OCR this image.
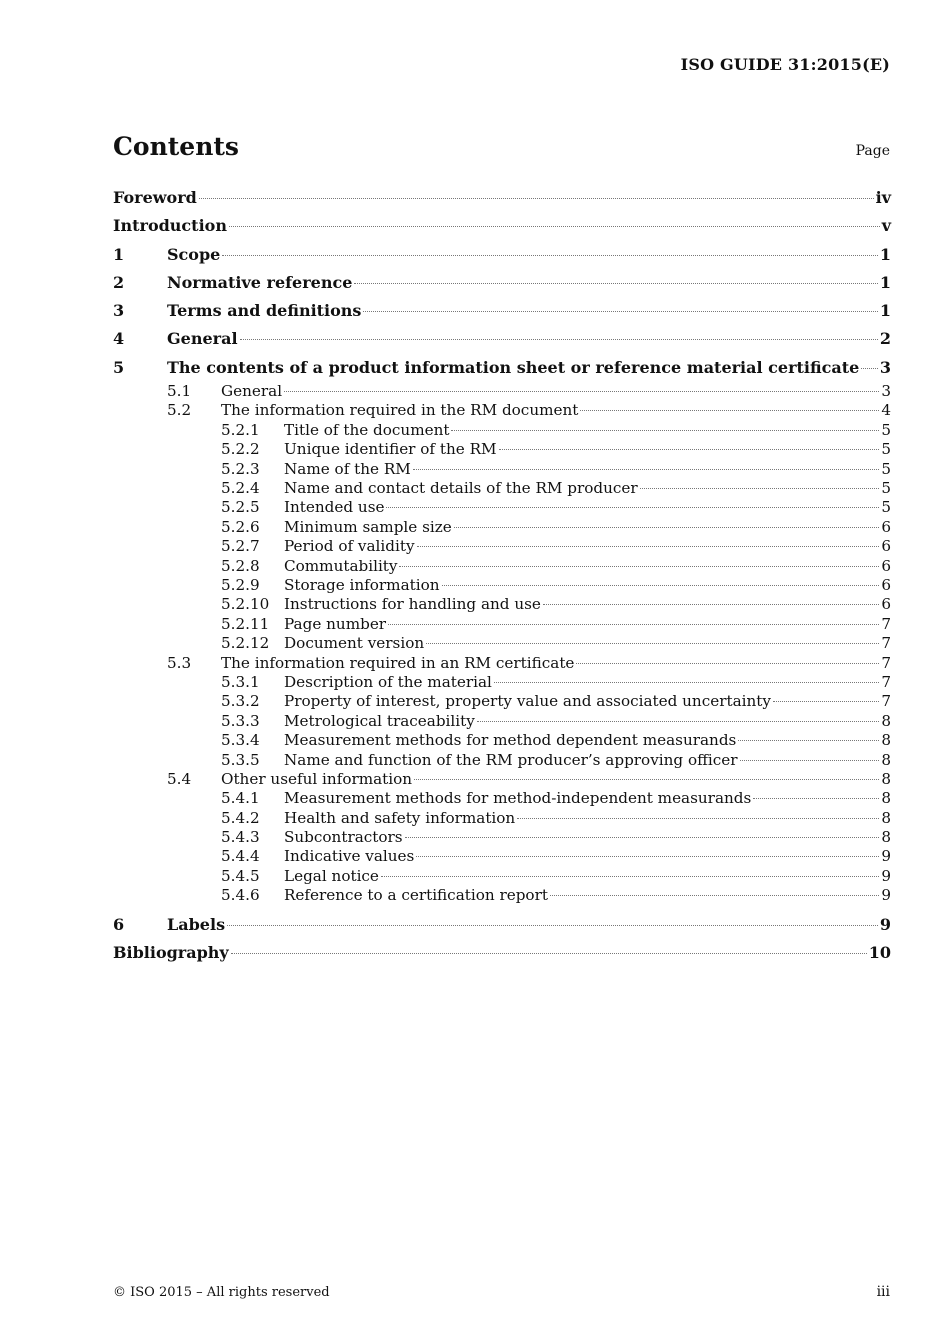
ISO GUIDE 31:2015(E)
Contents	Page
Foreword	iv
Introduction	v
1	Scope	1
2	Normative reference	1
3	Terms and definitions	1
4	General	2
5	The contents of a product information sheet or reference material certificate 3
5.1	General	3
5.2	The information required in the RM document	4
5.2.1	Title of the document	5
5.2.2	Unique identifier of the RM	5
5.2.3	Name of the RM	5
5.2.4	Name and contact details of the RM producer	5
5.2.5	Intended use	5
5.2.6	Minimum sample size	6
5.2.7	Period of validity	6
5.2.8	Commutability	6
5.2.9	Storage information	6
5.2.10 Instructions for handling and use	6
5.2.11 Page number	7
5.2.12 Document version	7
5.3	The information required in an RM certificate	7
5.3.1	Description of the material	7
5.3.2	Property of interest, property value and associated uncertainty	7
5.3.3	Metrological traceability	8
5.3.4	Measurement methods for method dependent measurands	8
5.3.5	Name and function of the RM producer’s approving officer	8
5.4	Other useful information	8
5.4.1	Measurement methods for method-independent measurands	8
5.4.2	Health and safety information	8
5.4.3	Subcontractors	8
5.4.4	Indicative values	9
5.4.5	Legal notice	9
5.4.6	Reference to a certification report	9
6	Labels	9
Bibliography	10
© ISO 2015 – All rights reserved	iii
